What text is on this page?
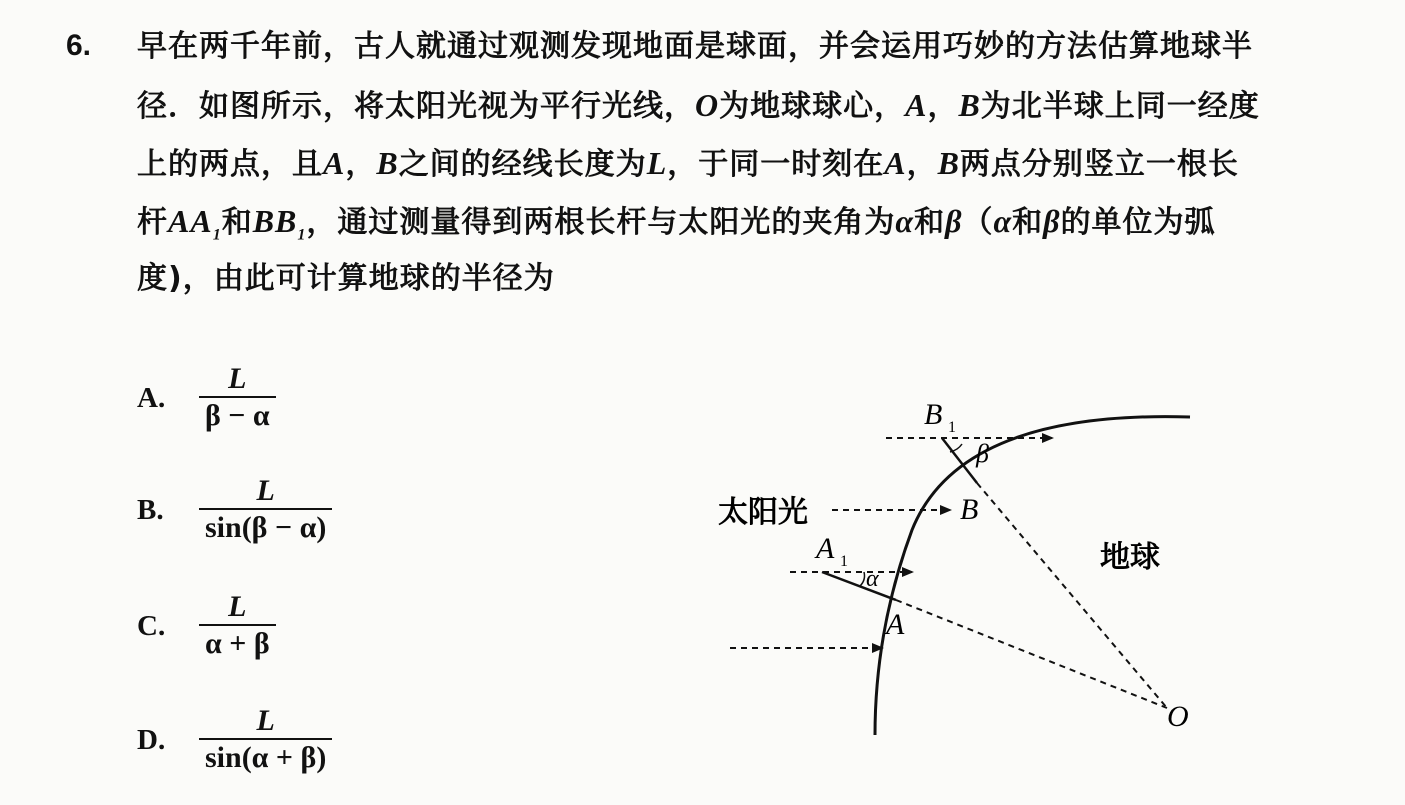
6. 早在两千年前，古人就通过观测发现地面是球面，并会运用巧妙的方法估算地球半
径．如图所示，将太阳光视为平行光线，O为地球球心，A，B为北半球上同一经度
上的两点，且A，B之间的经线长度为L，于同一时刻在A，B两点分别竖立一根长
杆$AA_1$和$BB_1$，通过测量得到两根长杆与太阳光的夹角为α和β（α和β的单位为弧
度)，由此可计算地球的半径为
A.	$\frac{L}{\beta - \alpha}$
B.	$\frac{L}{\sin(\beta - \alpha)}$
C.	$\frac{L}{\alpha + \beta}$
D.	$\frac{L}{\sin(\alpha + \beta)}$
太阳光
地球
O
B
A
B 1
A 1
β
α
